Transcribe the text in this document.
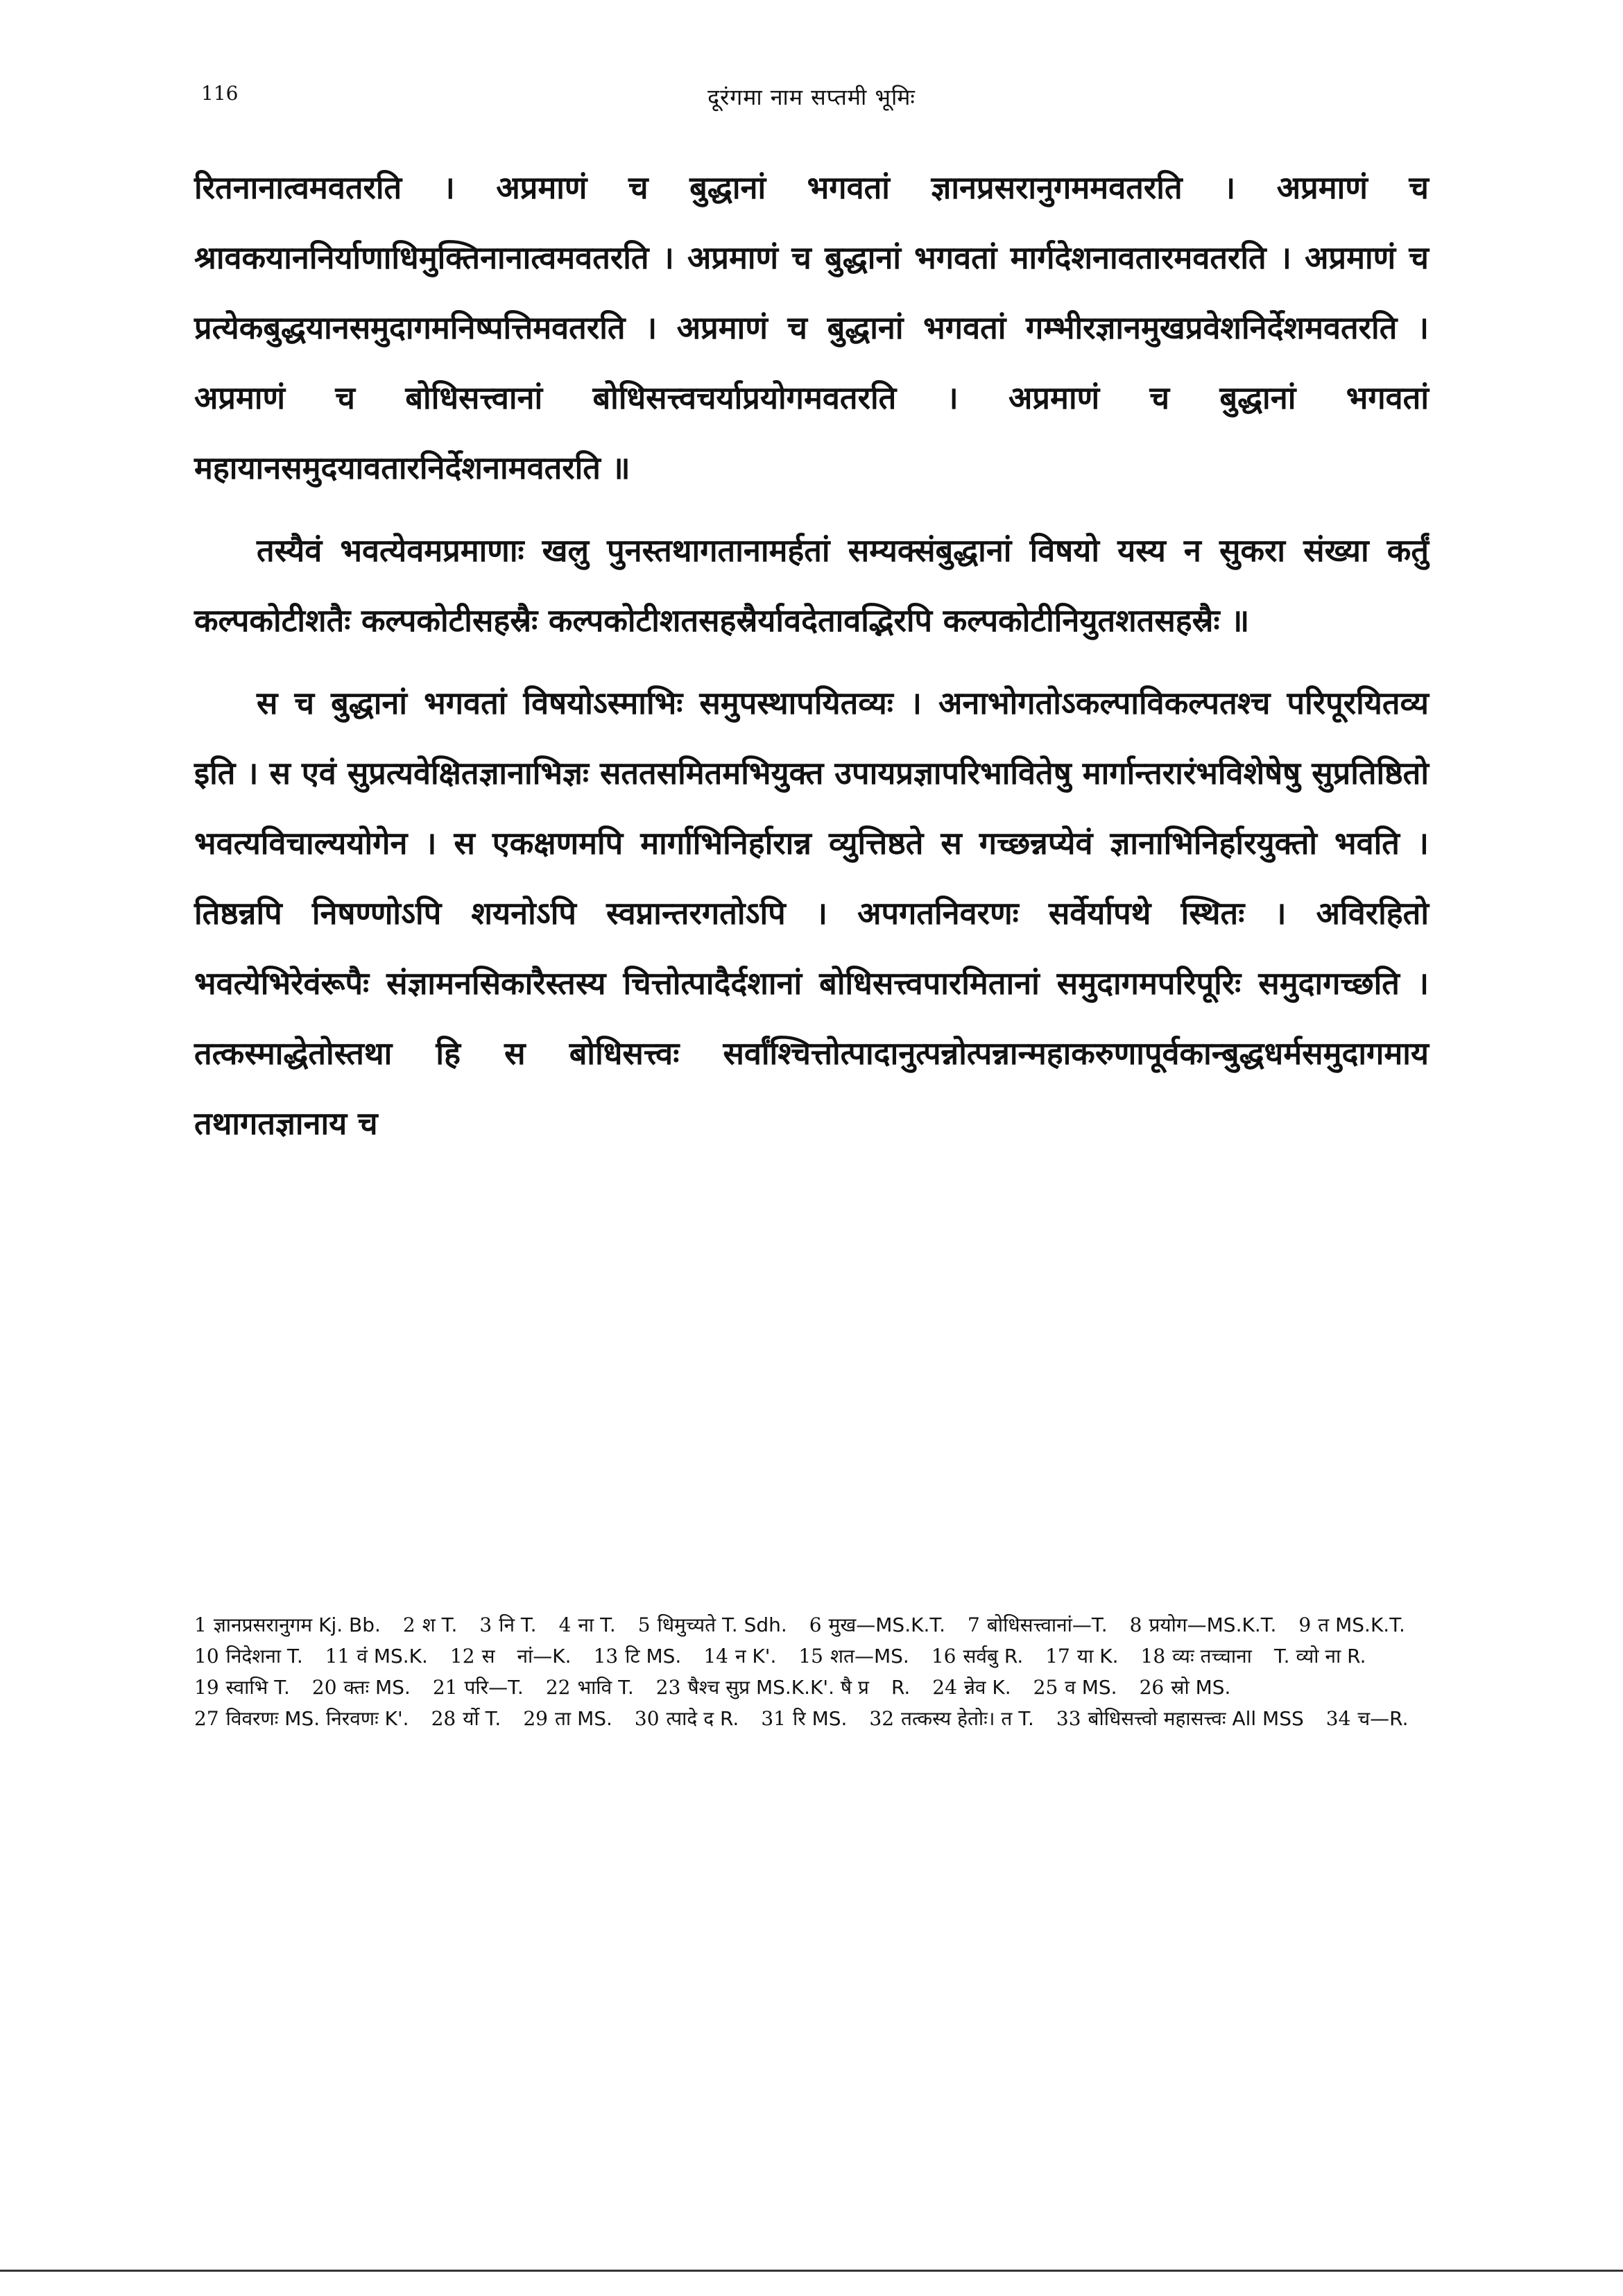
116	दूरंगमा नाम सप्तमी भूमिः

रितनानात्वमवतरति । अप्रमाणं च बुद्धानां भगवतां ज्ञानप्रसरानुगममवतरति । अप्रमाणं च श्रावकयाननिर्याणाधिमुक्तिनानात्वमवतरति । अप्रमाणं च बुद्धानां भगवतां मार्गदेशनावतारमवतरति । अप्रमाणं च प्रत्येकबुद्धयानसमुदागमनिष्पत्तिमवतरति । अप्रमाणं च बुद्धानां भगवतां गम्भीरज्ञानमुखप्रवेशनिर्देशमवतरति । अप्रमाणं च बोधिसत्त्वानां बोधिसत्त्वचर्याप्रयोगमवतरति । अप्रमाणं च बुद्धानां भगवतां महायानसमुदयावतारनिर्देशनामवतरति ॥

तस्यैवं भवत्येवमप्रमाणाः खलु पुनस्तथागतानामर्हतां सम्यक्संबुद्धानां विषयो यस्य न सुकरा संख्या कर्तुं कल्पकोटीशतैः कल्पकोटीसहस्रैः कल्पकोटीशतसहस्रैर्यावदेतावद्भिरपि कल्पकोटीनियुतशतसहस्रैः ॥

स च बुद्धानां भगवतां विषयोऽस्माभिः समुपस्थापयितव्यः । अनाभोगतोऽकल्पाविकल्पतश्च परिपूरयितव्य इति । स एवं सुप्रत्यवेक्षितज्ञानाभिज्ञः सततसमितमभियुक्त उपायप्रज्ञापरिभावितेषु मार्गान्तरारंभविशेषेषु सुप्रतिष्ठितो भवत्यविचाल्ययोगेन । स एकक्षणमपि मार्गाभिनिर्हारान्न व्युत्तिष्ठते स गच्छन्नप्येवं ज्ञानाभिनिर्हारयुक्तो भवति । तिष्ठन्नपि निषण्णोऽपि शयनोऽपि स्वप्नान्तरगतोऽपि । अपगतनिवरणः सर्वेर्यापथे स्थितः । अविरहितो भवत्येभिरेवंरूपैः संज्ञामनसिकारैस्तस्य चित्तोत्पादैर्दशानां बोधिसत्त्वपारमितानां समुदागमपरिपूरिः समुदागच्छति । तत्कस्माद्धेतोस्तथा हि स बोधिसत्त्वः सर्वांश्चित्तोत्पादानुत्पन्नोत्पन्नान्महाकरुणापूर्वकान्बुद्धधर्मसमुदागमाय तथागतज्ञानाय च

1 ज्ञानप्रसरानुगम Kj. Bb. 2 श T. 3 नि T. 4 ना T. 5 धिमुच्यते T. Sdh. 6 मुख—MS.K.T. 7 बोधिसत्त्वानां—T. 8 प्रयोग—MS.K.T. 9 त MS.K.T.
10 निदेशना T. 11 वं MS.K. 12 स नां—K. 13 टि MS. 14 न K'. 15 शत—MS. 16 सर्वबु R. 17 या K. 18 व्यः तच्चाना T. व्यो ना R.
19 स्वाभि T. 20 क्तः MS. 21 परि—T. 22 भावि T. 23 षैश्च सुप्र MS.K.K'. षै प्र R. 24 न्नेव K. 25 व MS. 26 स्रो MS.
27 विवरणः MS. निरवणः K'. 28 र्यो T. 29 ता MS. 30 त्पादे द R. 31 रि MS. 32 तत्कस्य हेतोः। त T. 33 बोधिसत्त्वो महासत्त्वः All MSS 34 च—R.
